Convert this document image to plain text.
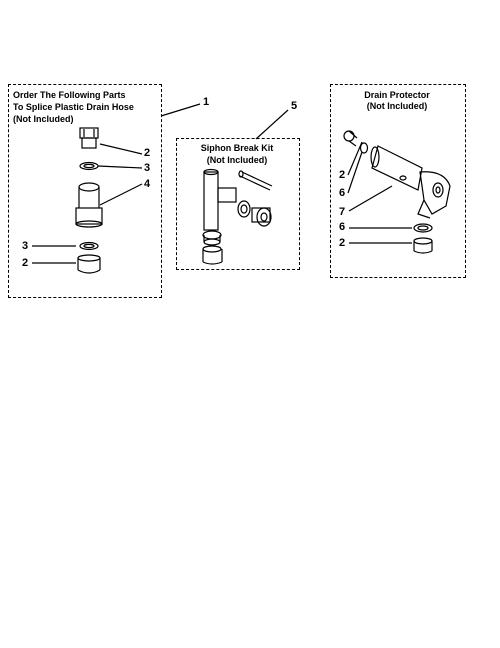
Order The Following Parts
To Splice Plastic Drain Hose
(Not Included)
1
Siphon Break Kit
(Not Included)
5
Drain Protector
(Not Included)
2
3
4
3
2
2
6
7
6
2
